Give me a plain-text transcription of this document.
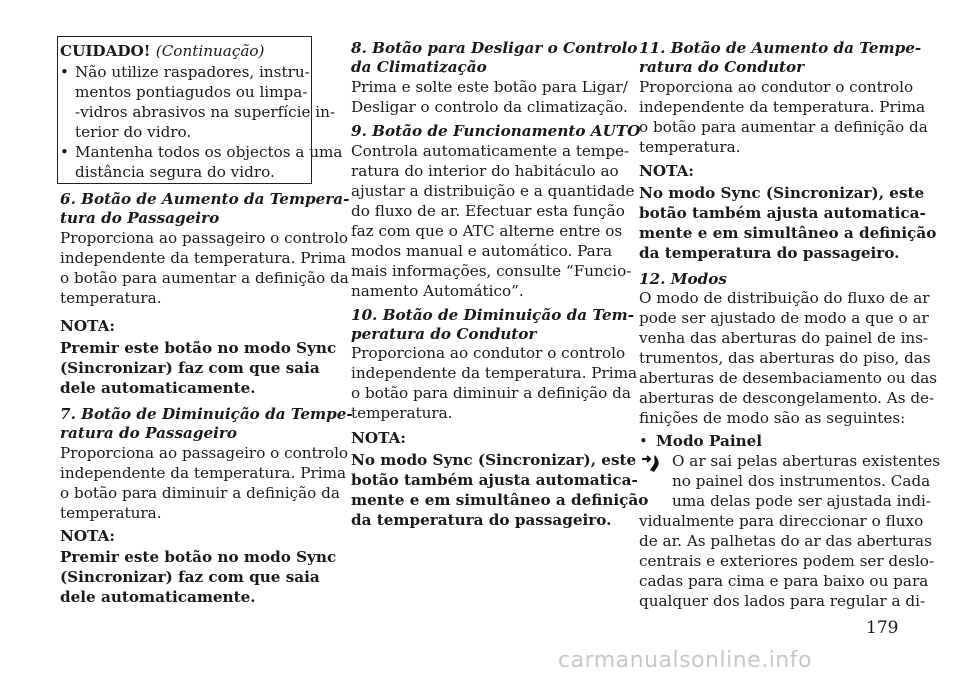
CUIDADO! (Continuação)

• Não utilize raspadores, instru-

mentos pontiagudos ou limpa-

-vidros abrasivos na superfície in-

terior do vidro.

• Mantenha todos os objectos a uma

distância segura do vidro.

6. Botão de Aumento da Tempera-

tura do Passageiro

Proporciona ao passageiro o controlo

independente da temperatura. Prima

o botão para aumentar a definição da

temperatura.

NOTA:

Premir este botão no modo Sync

(Sincronizar) faz com que saia

dele automaticamente.

7. Botão de Diminuição da Tempe-

ratura do Passageiro

Proporciona ao passageiro o controlo

independente da temperatura. Prima

o botão para diminuir a definição da

temperatura.

NOTA:

Premir este botão no modo Sync

(Sincronizar) faz com que saia

dele automaticamente.

8. Botão para Desligar o Controlo

da Climatização

Prima e solte este botão para Ligar/

Desligar o controlo da climatização.

9. Botão de Funcionamento AUTO

Controla automaticamente a tempe-

ratura do interior do habitáculo ao

ajustar a distribuição e a quantidade

do fluxo de ar. Efectuar esta função

faz com que o ATC alterne entre os

modos manual e automático. Para

mais informações, consulte “Funcio-

namento Automático”.

10. Botão de Diminuição da Tem-

peratura do Condutor

Proporciona ao condutor o controlo

independente da temperatura. Prima

o botão para diminuir a definição da

temperatura.

NOTA:

No modo Sync (Sincronizar), este

botão também ajusta automatica-

mente e em simultâneo a definição

da temperatura do passageiro.

11. Botão de Aumento da Tempe-

ratura do Condutor

Proporciona ao condutor o controlo

independente da temperatura. Prima

o botão para aumentar a definição da

temperatura.

NOTA:

No modo Sync (Sincronizar), este

botão também ajusta automatica-

mente e em simultâneo a definição

da temperatura do passageiro.

12. Modos

O modo de distribuição do fluxo de ar

pode ser ajustado de modo a que o ar

venha das aberturas do painel de ins-

trumentos, das aberturas do piso, das

aberturas de desembaciamento ou das

aberturas de descongelamento. As de-

finições de modo são as seguintes:

• Modo Painel

O ar sai pelas aberturas existentes

no painel dos instrumentos. Cada

uma delas pode ser ajustada indi-

vidualmente para direccionar o fluxo

de ar. As palhetas do ar das aberturas

centrais e exteriores podem ser deslo-

cadas para cima e para baixo ou para

qualquer dos lados para regular a di-

179

carmanualsonline.info
